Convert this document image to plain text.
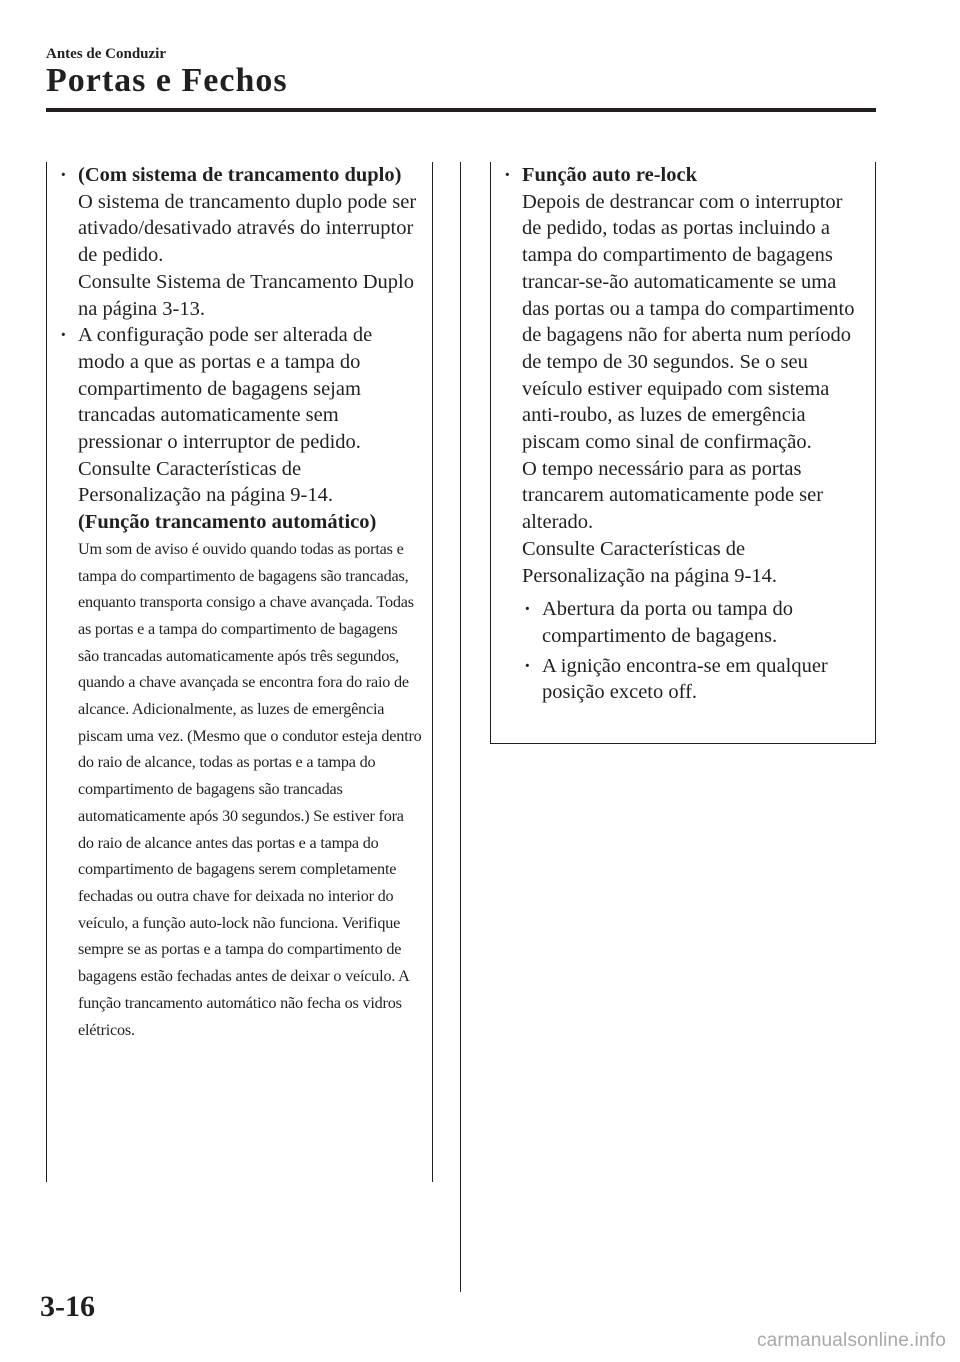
Antes de Conduzir
Portas e Fechos
· (Com sistema de trancamento duplo)
O sistema de trancamento duplo pode ser ativado/desativado através do interruptor de pedido.
Consulte Sistema de Trancamento Duplo na página 3-13.
· A configuração pode ser alterada de modo a que as portas e a tampa do compartimento de bagagens sejam trancadas automaticamente sem pressionar o interruptor de pedido.
Consulte Características de Personalização na página 9-14.
(Função trancamento automático)
Um som de aviso é ouvido quando todas as portas e tampa do compartimento de bagagens são trancadas, enquanto transporta consigo a chave avançada. Todas as portas e a tampa do compartimento de bagagens são trancadas automaticamente após três segundos, quando a chave avançada se encontra fora do raio de alcance. Adicionalmente, as luzes de emergência piscam uma vez. (Mesmo que o condutor esteja dentro do raio de alcance, todas as portas e a tampa do compartimento de bagagens são trancadas automaticamente após 30 segundos.) Se estiver fora do raio de alcance antes das portas e a tampa do compartimento de bagagens serem completamente fechadas ou outra chave for deixada no interior do veículo, a função auto-lock não funciona. Verifique sempre se as portas e a tampa do compartimento de bagagens estão fechadas antes de deixar o veículo. A função trancamento automático não fecha os vidros elétricos.
· Função auto re-lock
Depois de destrancar com o interruptor de pedido, todas as portas incluindo a tampa do compartimento de bagagens trancar-se-ão automaticamente se uma das portas ou a tampa do compartimento de bagagens não for aberta num período de tempo de 30 segundos. Se o seu veículo estiver equipado com sistema anti-roubo, as luzes de emergência piscam como sinal de confirmação.
O tempo necessário para as portas trancarem automaticamente pode ser alterado.
Consulte Características de Personalização na página 9-14.
· Abertura da porta ou tampa do compartimento de bagagens.
· A ignição encontra-se em qualquer posição exceto off.
3-16
carmanualsonline.info
